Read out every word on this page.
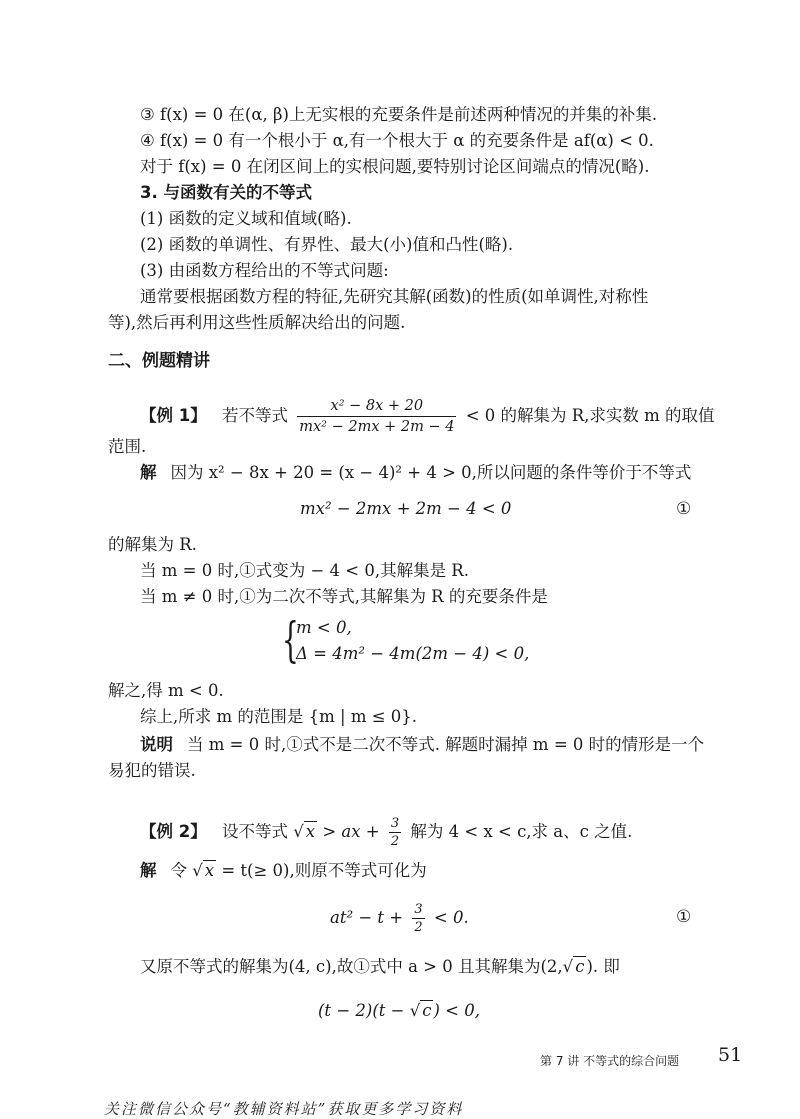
③ f(x) = 0 在(α, β)上无实根的充要条件是前述两种情况的并集的补集.
④ f(x) = 0 有一个根小于 α,有一个根大于 α 的充要条件是 af(α) < 0.
对于 f(x) = 0 在闭区间上的实根问题,要特别讨论区间端点的情况(略).
3. 与函数有关的不等式
(1) 函数的定义域和值域(略).
(2) 函数的单调性、有界性、最大(小)值和凸性(略).
(3) 由函数方程给出的不等式问题:
通常要根据函数方程的特征,先研究其解(函数)的性质(如单调性,对称性
等),然后再利用这些性质解决给出的问题.
二、例题精讲
【例 1】 若不等式 $\frac{\text{x² − 8x + 20}}{\text{mx² − 2mx + 2m − 4}} < 0$ 的解集为 R,求实数 m 的取值
范围.
解 因为 x² − 8x + 20 = (x − 4)² + 4 > 0,所以问题的条件等价于不等式
mx² − 2mx + 2m − 4 < 0	①
的解集为 R.
当 m = 0 时,①式变为 − 4 < 0,其解集是 R.
当 m ≠ 0 时,①为二次不等式,其解集为 R 的充要条件是
{
m < 0,
Δ = 4m² − 4m(2m − 4) < 0,
解之,得 m < 0.
综上,所求 m 的范围是 {m | m ≤ 0}.
说明 当 m = 0 时,①式不是二次不等式. 解题时漏掉 m = 0 时的情形是一个
易犯的错误.
【例 2】 设不等式 √ x > ax + $\frac{3}{2}$ 解为 4 < x < c,求 a、c 之值.
解 令 √ x = t(≥ 0),则原不等式可化为
$at^2 - t + \frac{3}{2} < 0$.	①
又原不等式的解集为(4, c),故①式中 a > 0 且其解集为(2,√ c ). 即
(t − 2)(t − √ c ) < 0,
第 7 讲 不等式的综合问题 51
关注微信公众号“教辅资料站”获取更多学习资料
